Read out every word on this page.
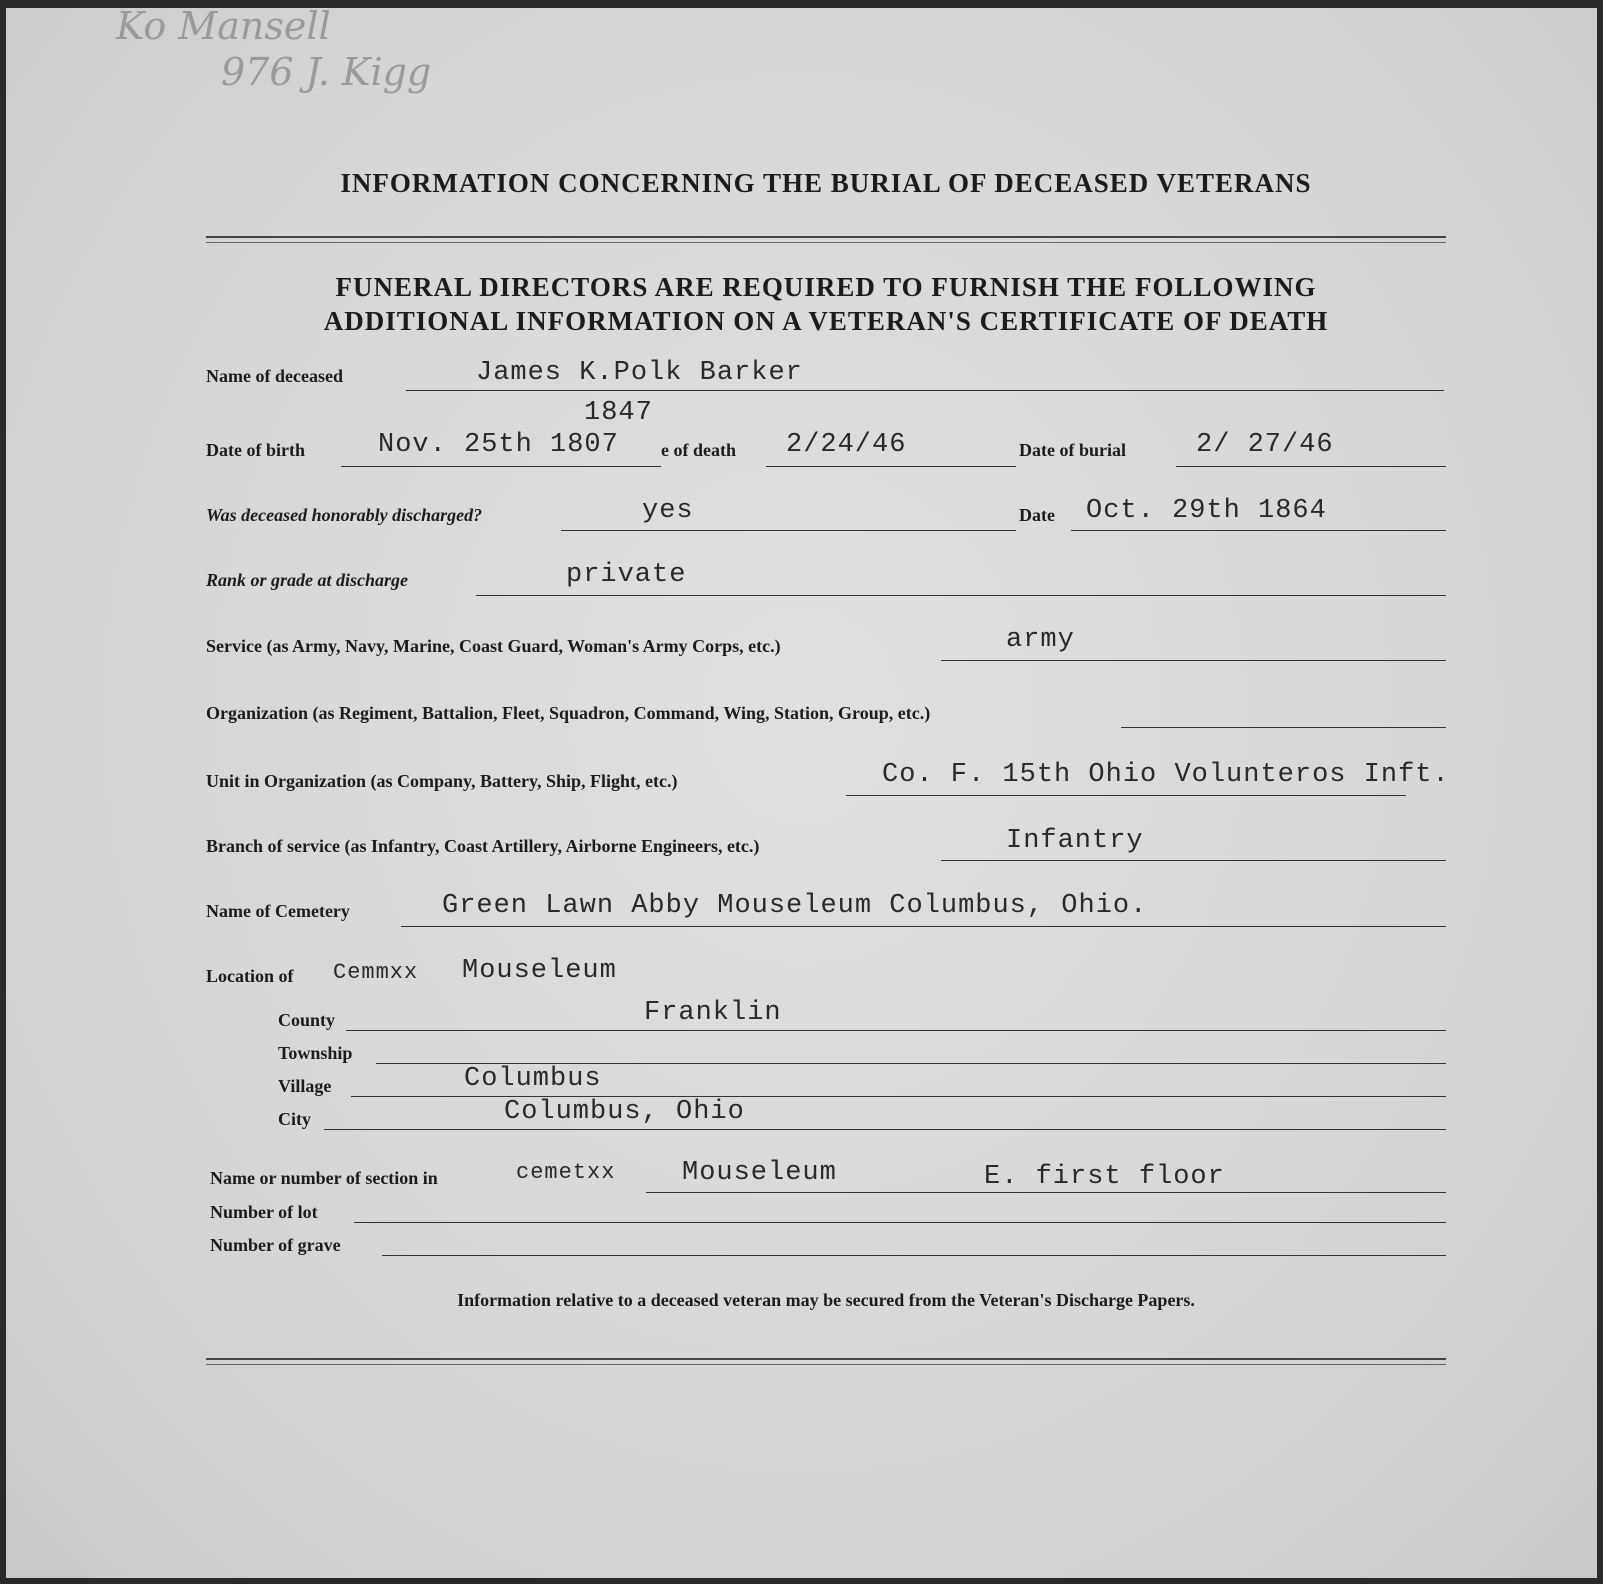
Ko Mansell
976 J. Kigg
INFORMATION CONCERNING THE BURIAL OF DECEASED VETERANS
FUNERAL DIRECTORS ARE REQUIRED TO FURNISH THE FOLLOWING
ADDITIONAL INFORMATION ON A VETERAN'S CERTIFICATE OF DEATH
Name of deceased	James K.Polk Barker
1847
Date of birth	Nov. 25th 1807 e of death 2/24/46	Date of burial	2/ 27/46
Was deceased honorably discharged?	yes	Date Oct. 29th 1864
Rank or grade at discharge	private
Service (as Army, Navy, Marine, Coast Guard, Woman's Army Corps, etc.)	army
Organization (as Regiment, Battalion, Fleet, Squadron, Command, Wing, Station, Group, etc.)
Unit in Organization (as Company, Battery, Ship, Flight, etc.)	Co. F. 15th Ohio Volunteros Inft.
Branch of service (as Infantry, Coast Artillery, Airborne Engineers, etc.)	Infantry
Name of Cemetery	Green Lawn Abby Mouseleum Columbus, Ohio.
Location of Cemmxx Mouseleum
County	Franklin
Township
Village	Columbus
City	Columbus, Ohio
Name or number of section in	cemetxx Mouseleum	E. first floor
Number of lot
Number of grave
Information relative to a deceased veteran may be secured from the Veteran's Discharge Papers.
